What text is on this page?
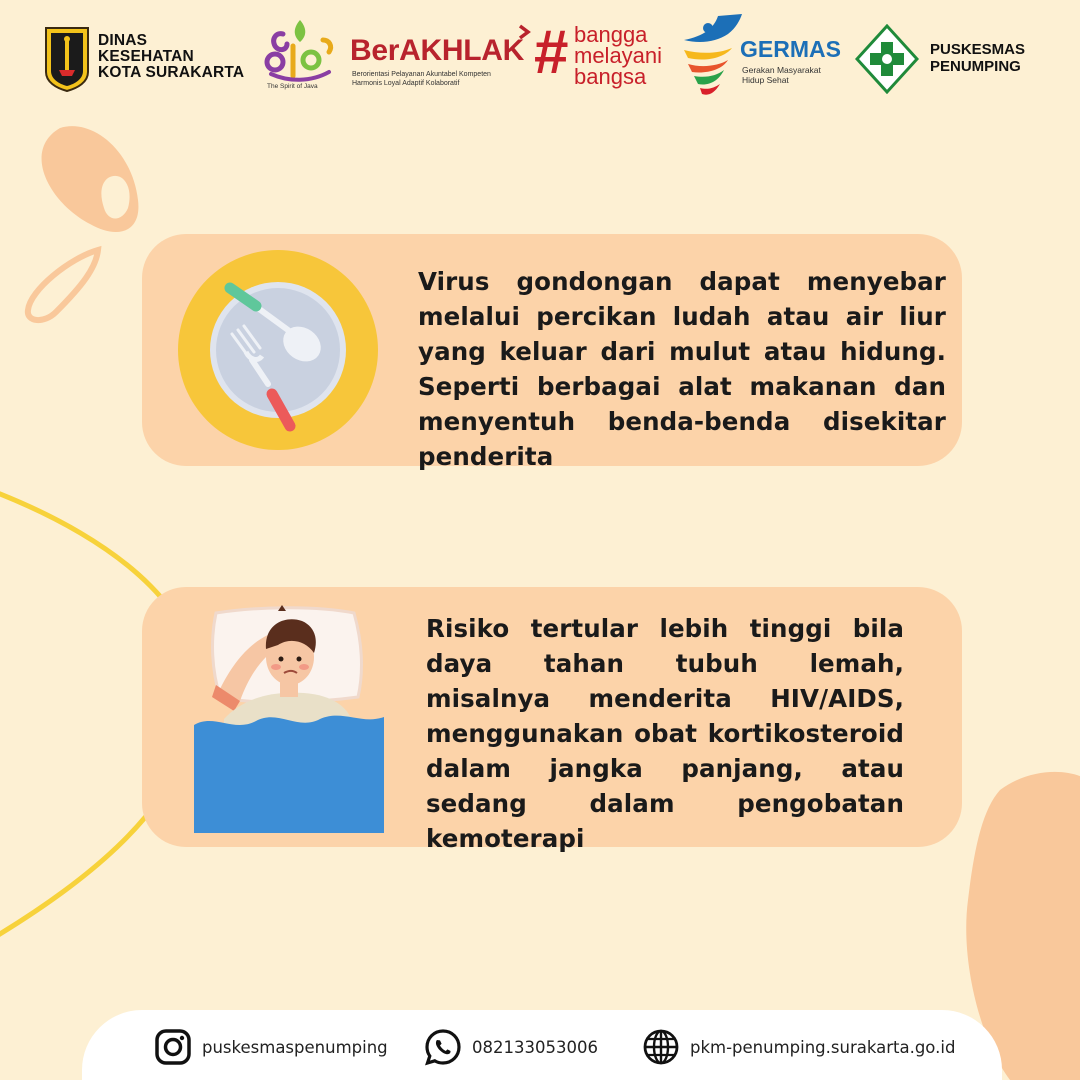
DINAS
KESEHATAN
KOTA SURAKARTA
The Spirit of Java
BerAKHLAK
Berorientasi Pelayanan Akuntabel Kompeten
Harmonis Loyal Adaptif Kolaboratif	# bangga
melayani
bangsa
GERMAS
Gerakan Masyarakat
Hidup Sehat
PUSKESMAS
PENUMPING
Virus gondongan dapat menyebar melalui percikan ludah atau air liur yang keluar dari mulut atau hidung. Seperti berbagai alat makanan dan menyentuh benda-benda disekitar penderita
Risiko tertular lebih tinggi bila daya tahan tubuh lemah, misalnya menderita HIV/AIDS, menggunakan obat kortikosteroid dalam jangka panjang, atau sedang dalam pengobatan kemoterapi
puskesmaspenumping	082133053006	pkm-penumping.surakarta.go.id
